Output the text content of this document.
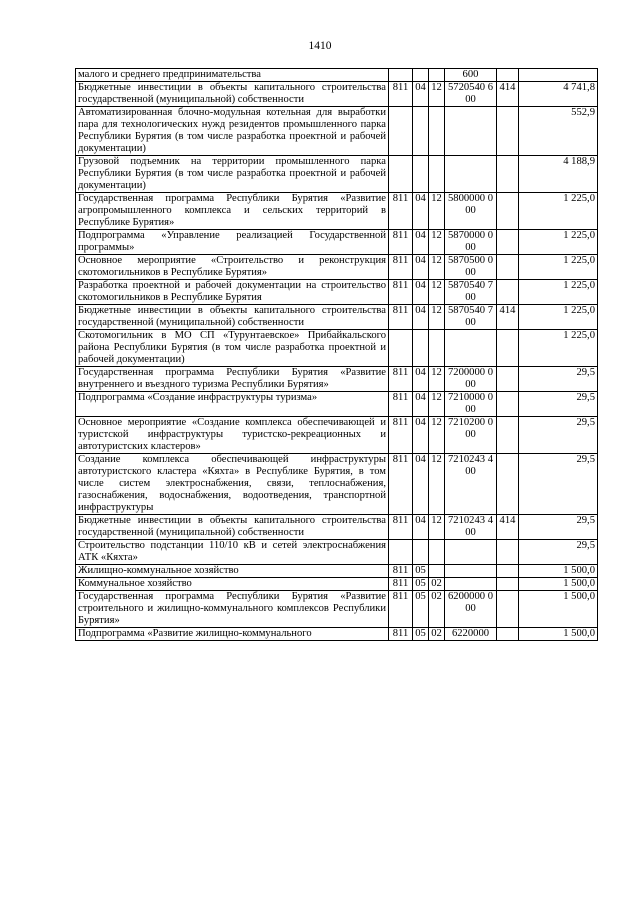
1410
малого и среднего предпринимательства				600		
Бюджетные инвестиции в объекты капитального строительства государственной (муниципальной) собственности	811	04	12	5720540 600	414	4 741,8
Автоматизированная блочно-модульная котельная для выработки пара для технологических нужд резидентов промышленного парка Республики Бурятия (в том числе разработка проектной и рабочей документации)						552,9
Грузовой подъемник на территории промышленного парка Республики Бурятия (в том числе разработка проектной и рабочей документации)						4 188,9
Государственная программа Республики Бурятия «Развитие агропромышленного комплекса и сельских территорий в Республике Бурятия»	811	04	12	5800000 000		1 225,0
Подпрограмма «Управление реализацией Государственной программы»	811	04	12	5870000 000		1 225,0
Основное мероприятие «Строительство и реконструкция скотомогильников в Республике Бурятия»	811	04	12	5870500 000		1 225,0
Разработка проектной и рабочей документации на строительство скотомогильников в Республике Бурятия	811	04	12	5870540 700		1 225,0
Бюджетные инвестиции в объекты капитального строительства государственной (муниципальной) собственности	811	04	12	5870540 700	414	1 225,0
Скотомогильник в МО СП «Турунтаевское» Прибайкальского района Республики Бурятия (в том числе разработка проектной и рабочей документации)						1 225,0
Государственная программа Республики Бурятия «Развитие внутреннего и въездного туризма Республики Бурятия»	811	04	12	7200000 000		29,5
Подпрограмма «Создание инфраструктуры туризма»	811	04	12	7210000 000		29,5
Основное мероприятие «Создание комплекса обеспечивающей и туристской инфраструктуры туристско-рекреационных и автотуристских кластеров»	811	04	12	7210200 000		29,5
Создание комплекса обеспечивающей инфраструктуры автотуристского кластера «Кяхта» в Республике Бурятия, в том числе систем электроснабжения, связи, теплоснабжения, газоснабжения, водоснабжения, водоотведения, транспортной инфраструктуры	811	04	12	7210243 400		29,5
Бюджетные инвестиции в объекты капитального строительства государственной (муниципальной) собственности	811	04	12	7210243 400	414	29,5
Строительство подстанции 110/10 кВ и сетей электроснабжения АТК «Кяхта»						29,5
Жилищно-коммунальное хозяйство	811	05				1 500,0
Коммунальное хозяйство	811	05	02			1 500,0
Государственная программа Республики Бурятия «Развитие строительного и жилищно-коммунального комплексов Республики Бурятия»	811	05	02	6200000 000		1 500,0
Подпрограмма «Развитие жилищно-коммунального	811	05	02	6220000		1 500,0
